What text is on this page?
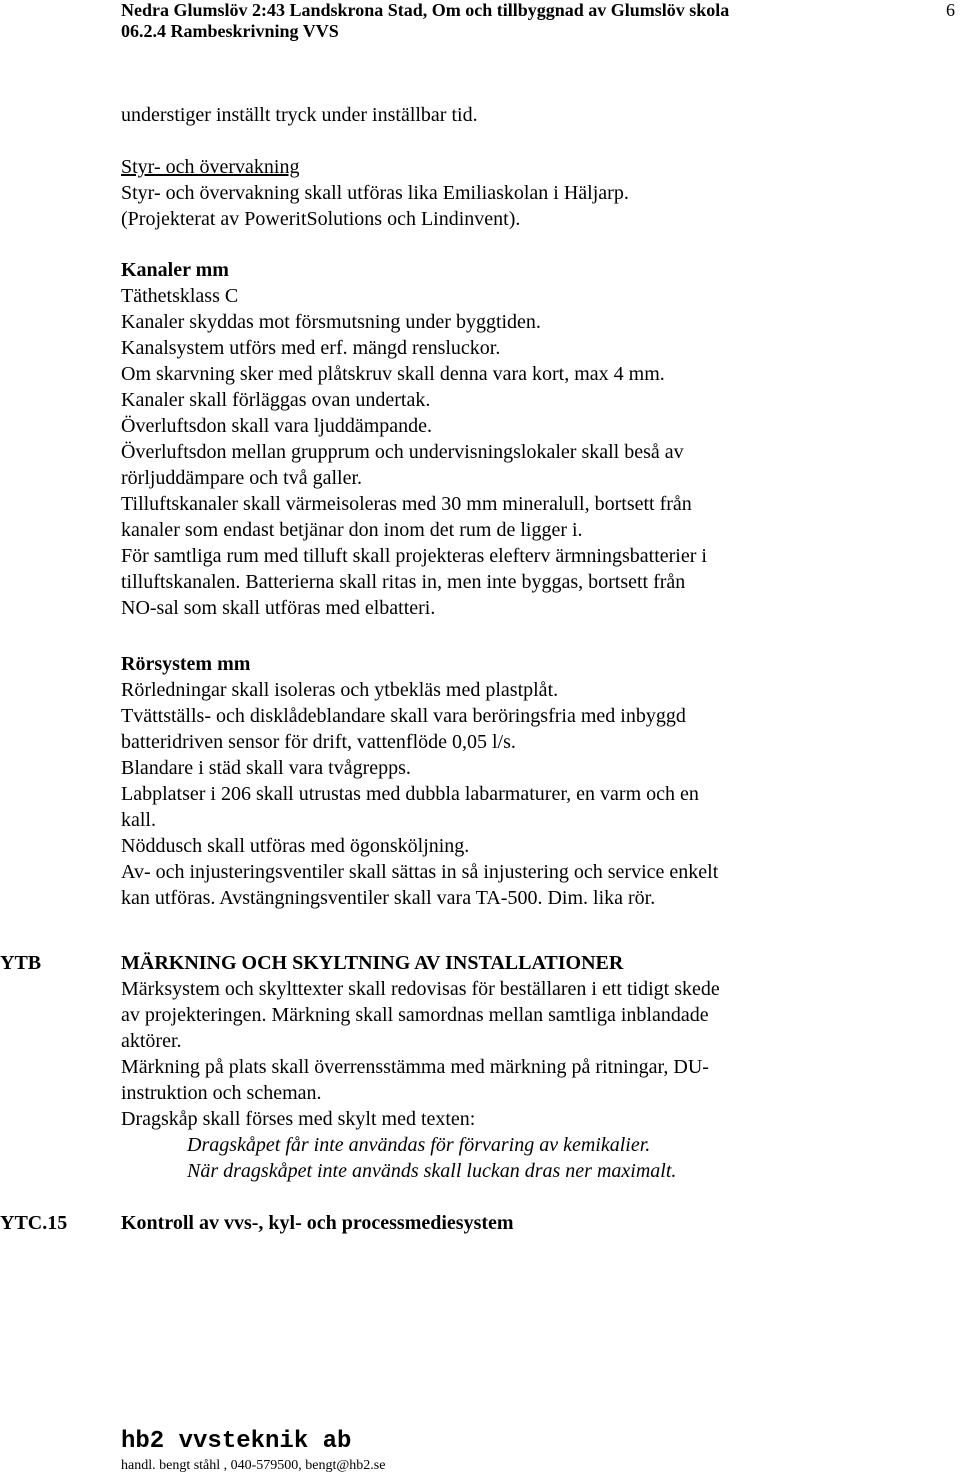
Nedra Glumslöv 2:43 Landskrona Stad, Om och tillbyggnad av Glumslöv skola
06.2.4 Rambeskrivning VVS
6

understiger inställt tryck under inställbar tid.

Styr- och övervakning

Styr- och övervakning skall utföras lika Emiliaskolan i Häljarp.

(Projekterat av PoweritSolutions och Lindinvent).

Kanaler mm

Täthetsklass C

Kanaler skyddas mot försmutsning under byggtiden.

Kanalsystem utförs med erf. mängd rensluckor.

Om skarvning sker med plåtskruv skall denna vara kort, max 4 mm.

Kanaler skall förläggas ovan undertak.

Överluftsdon skall vara ljuddämpande.

Överluftsdon mellan grupprum och undervisningslokaler skall beså av

rörljuddämpare och två galler.

Tilluftskanaler skall värmeisoleras med 30 mm mineralull, bortsett från

kanaler som endast betjänar don inom det rum de ligger i.

För samtliga rum med tilluft skall projekteras elefterv ärmningsbatterier i

tilluftskanalen. Batterierna skall ritas in, men inte byggas, bortsett från

NO-sal som skall utföras med elbatteri.

Rörsystem mm

Rörledningar skall isoleras och ytbekläs med plastplåt.

Tvättställs- och disklådeblandare skall vara beröringsfria med inbyggd

batteridriven sensor för drift, vattenflöde 0,05 l/s.

Blandare i städ skall vara tvågrepps.

Labplatser i 206 skall utrustas med dubbla labarmaturer, en varm och en

kall.

Nöddusch skall utföras med ögonsköljning.

Av- och injusteringsventiler skall sättas in så injustering och service enkelt

kan utföras. Avstängningsventiler skall vara TA-500. Dim. lika rör.

YTB	MÄRKNING OCH SKYLTNING AV INSTALLATIONER

Märksystem och skylttexter skall redovisas för beställaren i ett tidigt skede

av projekteringen. Märkning skall samordnas mellan samtliga inblandade

aktörer.

Märkning på plats skall överrensstämma med märkning på ritningar, DU-

instruktion och scheman.

Dragskåp skall förses med skylt med texten:

Dragskåpet får inte användas för förvaring av kemikalier.

När dragskåpet inte används skall luckan dras ner maximalt.

YTC.15	Kontroll av vvs-, kyl- och processmediesystem

hb2 vvsteknik ab
handl. bengt ståhl , 040-579500, bengt@hb2.se
